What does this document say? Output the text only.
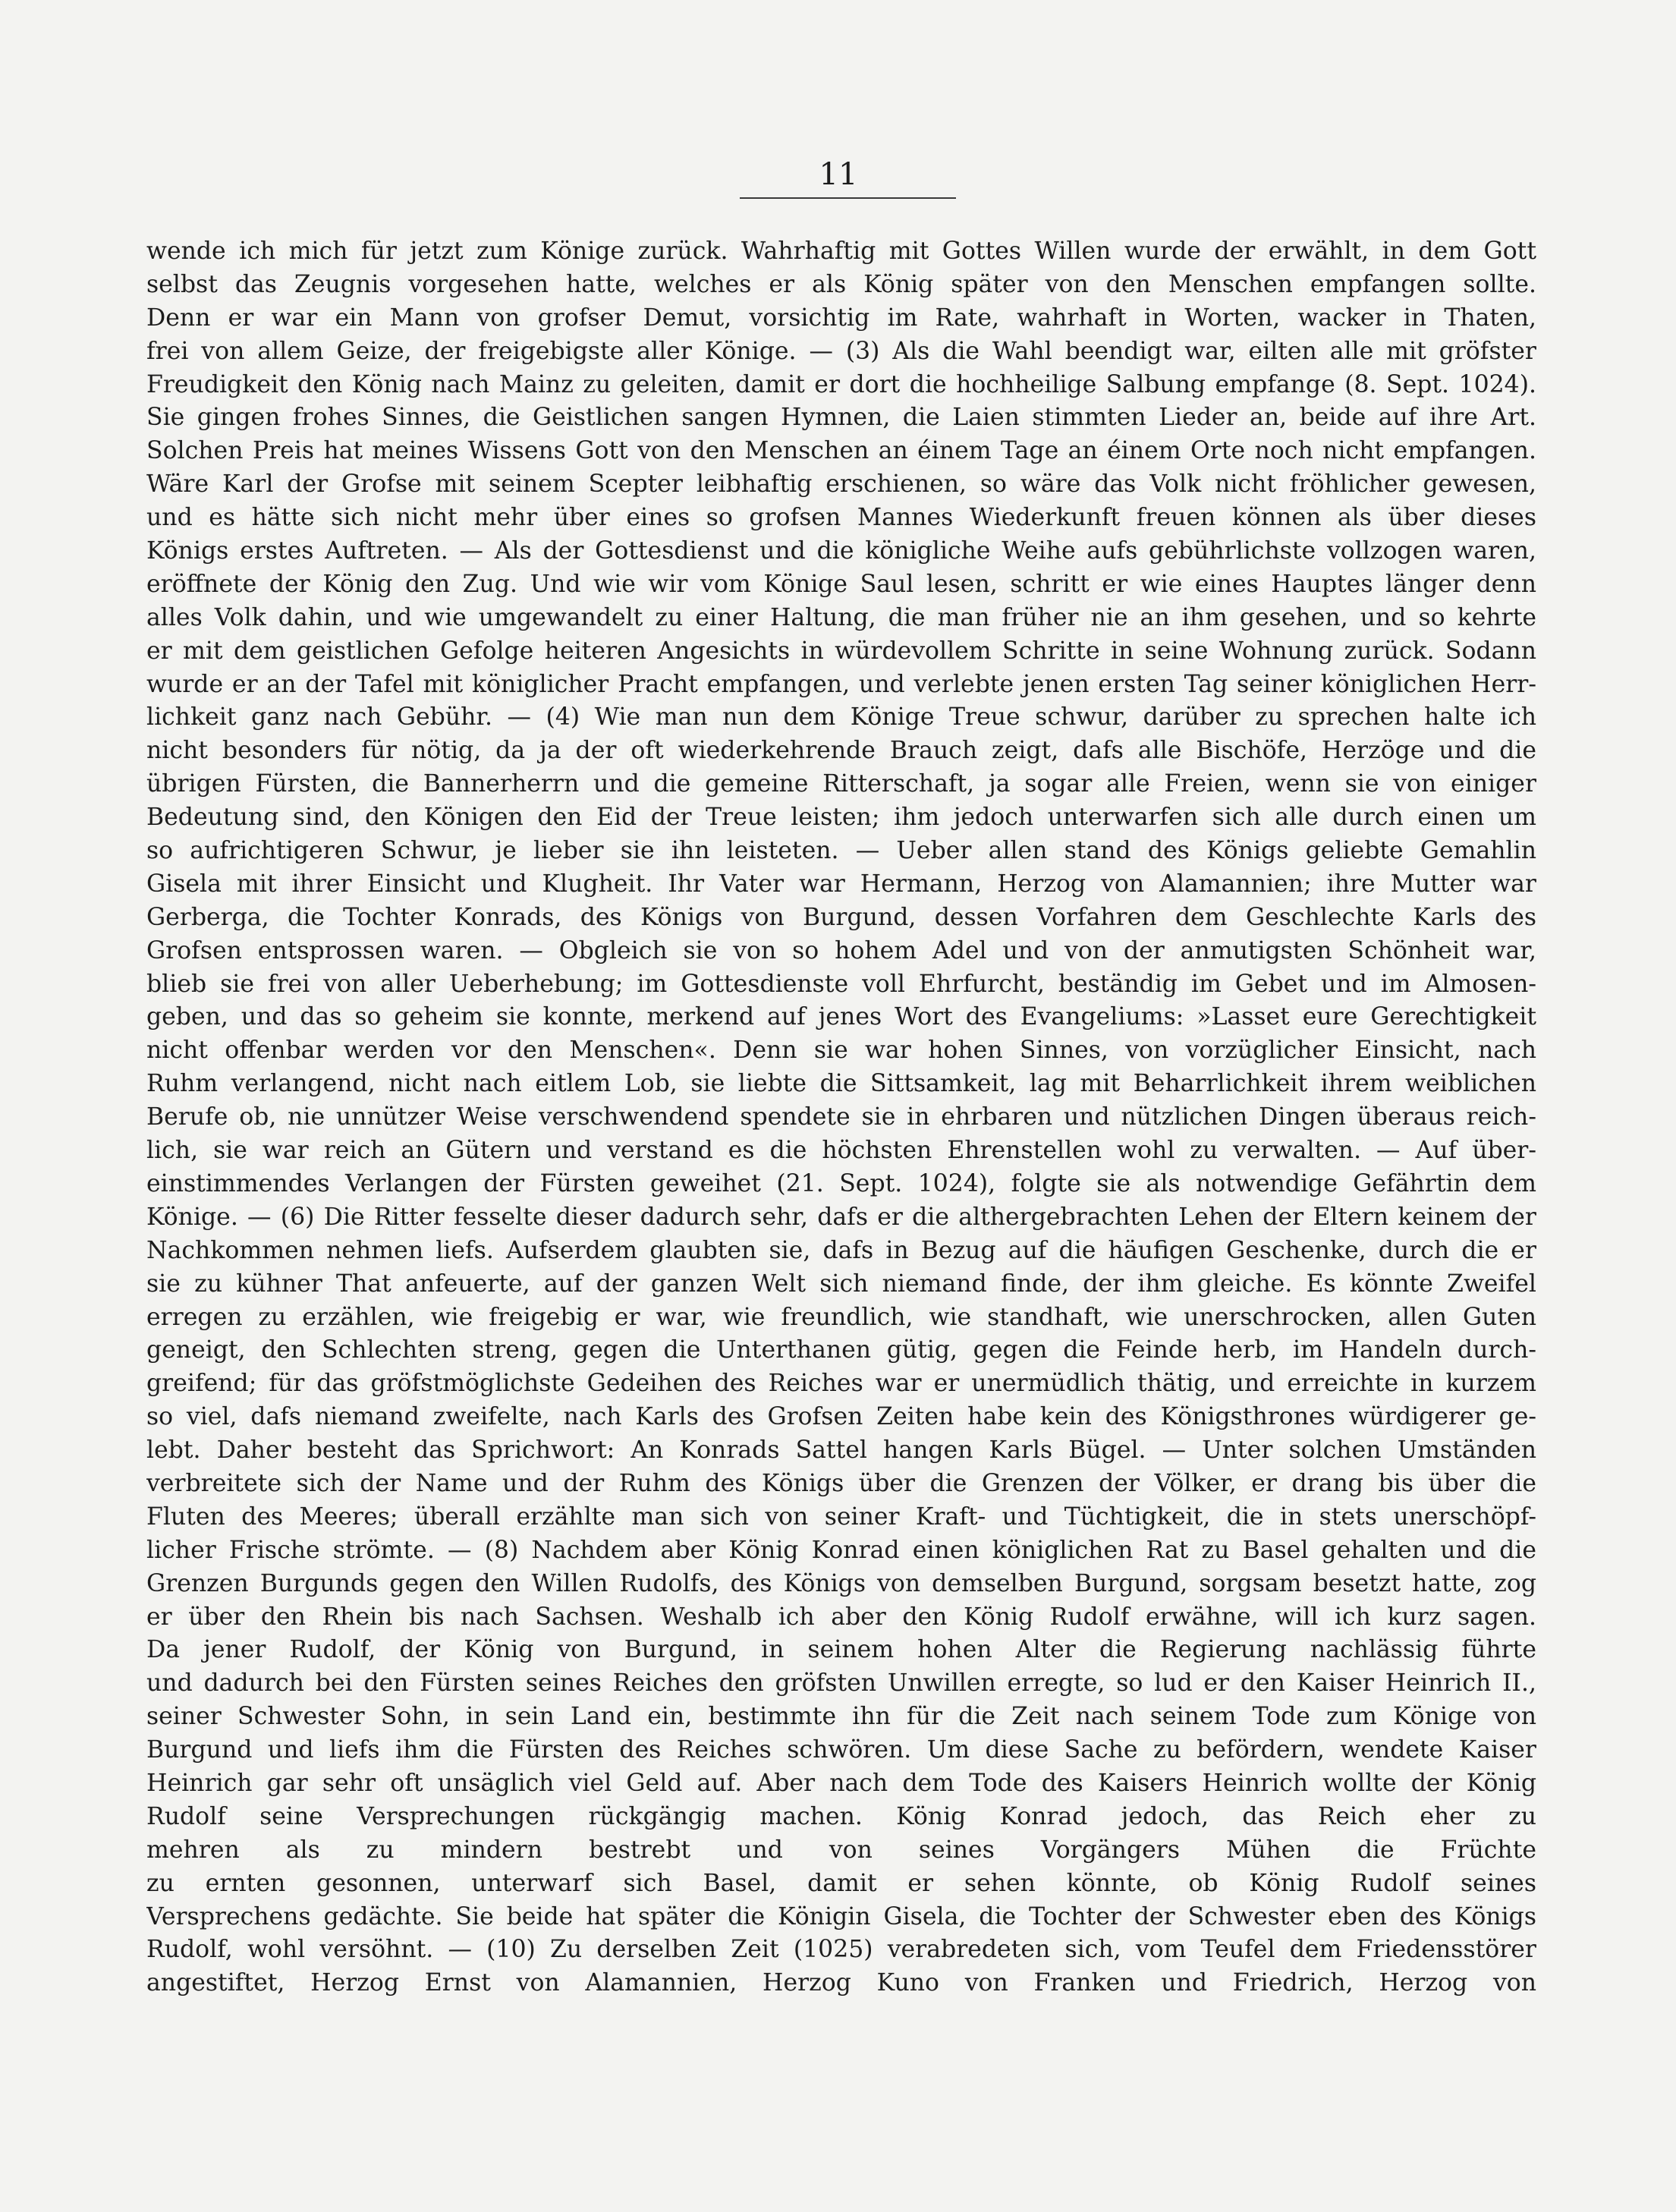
11
wende ich mich für jetzt zum Könige zurück. Wahrhaftig mit Gottes Willen wurde der erwählt, in dem Gott
selbst das Zeugnis vorgesehen hatte, welches er als König später von den Menschen empfangen sollte.
Denn er war ein Mann von grofser Demut, vorsichtig im Rate, wahrhaft in Worten, wacker in Thaten,
frei von allem Geize, der freigebigste aller Könige. — (3) Als die Wahl beendigt war, eilten alle mit gröfster
Freudigkeit den König nach Mainz zu geleiten, damit er dort die hochheilige Salbung empfange (8. Sept. 1024).
Sie gingen frohes Sinnes, die Geistlichen sangen Hymnen, die Laien stimmten Lieder an, beide auf ihre Art.
Solchen Preis hat meines Wissens Gott von den Menschen an éinem Tage an éinem Orte noch nicht empfangen.
Wäre Karl der Grofse mit seinem Scepter leibhaftig erschienen, so wäre das Volk nicht fröhlicher gewesen,
und es hätte sich nicht mehr über eines so grofsen Mannes Wiederkunft freuen können als über dieses
Königs erstes Auftreten. — Als der Gottesdienst und die königliche Weihe aufs gebührlichste vollzogen waren,
eröffnete der König den Zug. Und wie wir vom Könige Saul lesen, schritt er wie eines Hauptes länger denn
alles Volk dahin, und wie umgewandelt zu einer Haltung, die man früher nie an ihm gesehen, und so kehrte
er mit dem geistlichen Gefolge heiteren Angesichts in würdevollem Schritte in seine Wohnung zurück. Sodann
wurde er an der Tafel mit königlicher Pracht empfangen, und verlebte jenen ersten Tag seiner königlichen Herr-
lichkeit ganz nach Gebühr. — (4) Wie man nun dem Könige Treue schwur, darüber zu sprechen halte ich
nicht besonders für nötig, da ja der oft wiederkehrende Brauch zeigt, dafs alle Bischöfe, Herzöge und die
übrigen Fürsten, die Bannerherrn und die gemeine Ritterschaft, ja sogar alle Freien, wenn sie von einiger
Bedeutung sind, den Königen den Eid der Treue leisten; ihm jedoch unterwarfen sich alle durch einen um
so aufrichtigeren Schwur, je lieber sie ihn leisteten. — Ueber allen stand des Königs geliebte Gemahlin
Gisela mit ihrer Einsicht und Klugheit. Ihr Vater war Hermann, Herzog von Alamannien; ihre Mutter war
Gerberga, die Tochter Konrads, des Königs von Burgund, dessen Vorfahren dem Geschlechte Karls des
Grofsen entsprossen waren. — Obgleich sie von so hohem Adel und von der anmutigsten Schönheit war,
blieb sie frei von aller Ueberhebung; im Gottesdienste voll Ehrfurcht, beständig im Gebet und im Almosen-
geben, und das so geheim sie konnte, merkend auf jenes Wort des Evangeliums: »Lasset eure Gerechtigkeit
nicht offenbar werden vor den Menschen«. Denn sie war hohen Sinnes, von vorzüglicher Einsicht, nach
Ruhm verlangend, nicht nach eitlem Lob, sie liebte die Sittsamkeit, lag mit Beharrlichkeit ihrem weiblichen
Berufe ob, nie unnützer Weise verschwendend spendete sie in ehrbaren und nützlichen Dingen überaus reich-
lich, sie war reich an Gütern und verstand es die höchsten Ehrenstellen wohl zu verwalten. — Auf über-
einstimmendes Verlangen der Fürsten geweihet (21. Sept. 1024), folgte sie als notwendige Gefährtin dem
Könige. — (6) Die Ritter fesselte dieser dadurch sehr, dafs er die althergebrachten Lehen der Eltern keinem der
Nachkommen nehmen liefs. Aufserdem glaubten sie, dafs in Bezug auf die häufigen Geschenke, durch die er
sie zu kühner That anfeuerte, auf der ganzen Welt sich niemand finde, der ihm gleiche. Es könnte Zweifel
erregen zu erzählen, wie freigebig er war, wie freundlich, wie standhaft, wie unerschrocken, allen Guten
geneigt, den Schlechten streng, gegen die Unterthanen gütig, gegen die Feinde herb, im Handeln durch-
greifend; für das gröfstmöglichste Gedeihen des Reiches war er unermüdlich thätig, und erreichte in kurzem
so viel, dafs niemand zweifelte, nach Karls des Grofsen Zeiten habe kein des Königsthrones würdigerer ge-
lebt. Daher besteht das Sprichwort: An Konrads Sattel hangen Karls Bügel. — Unter solchen Umständen
verbreitete sich der Name und der Ruhm des Königs über die Grenzen der Völker, er drang bis über die
Fluten des Meeres; überall erzählte man sich von seiner Kraft- und Tüchtigkeit, die in stets unerschöpf-
licher Frische strömte. — (8) Nachdem aber König Konrad einen königlichen Rat zu Basel gehalten und die
Grenzen Burgunds gegen den Willen Rudolfs, des Königs von demselben Burgund, sorgsam besetzt hatte, zog
er über den Rhein bis nach Sachsen. Weshalb ich aber den König Rudolf erwähne, will ich kurz sagen.
Da jener Rudolf, der König von Burgund, in seinem hohen Alter die Regierung nachlässig führte
und dadurch bei den Fürsten seines Reiches den gröfsten Unwillen erregte, so lud er den Kaiser Heinrich II.,
seiner Schwester Sohn, in sein Land ein, bestimmte ihn für die Zeit nach seinem Tode zum Könige von
Burgund und liefs ihm die Fürsten des Reiches schwören. Um diese Sache zu befördern, wendete Kaiser
Heinrich gar sehr oft unsäglich viel Geld auf. Aber nach dem Tode des Kaisers Heinrich wollte der König
Rudolf seine Versprechungen rückgängig machen. König Konrad jedoch, das Reich eher zu
mehren als zu mindern bestrebt und von seines Vorgängers Mühen die Früchte
zu ernten gesonnen, unterwarf sich Basel, damit er sehen könnte, ob König Rudolf seines
Versprechens gedächte. Sie beide hat später die Königin Gisela, die Tochter der Schwester eben des Königs
Rudolf, wohl versöhnt. — (10) Zu derselben Zeit (1025) verabredeten sich, vom Teufel dem Friedensstörer
angestiftet, Herzog Ernst von Alamannien, Herzog Kuno von Franken und Friedrich, Herzog von
